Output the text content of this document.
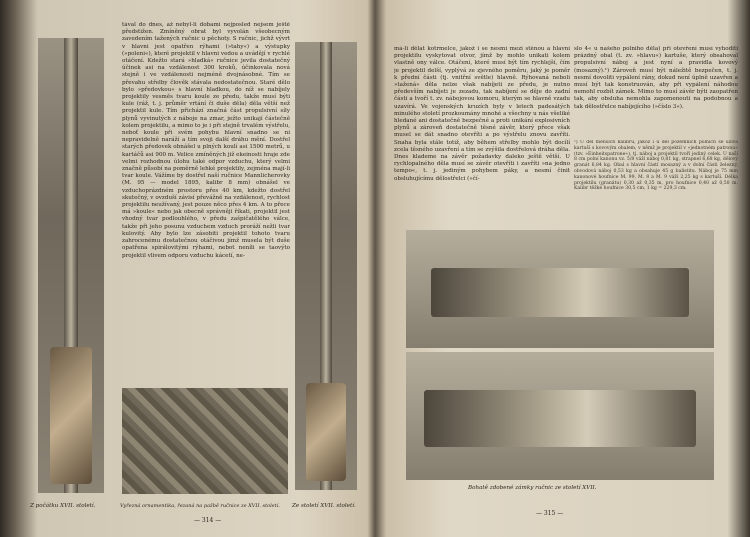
Z počátku XVII. století.

tával do dnes, až nebyl-li dobami nejposled nejsem ještě předstižen. Zmíněný obrat byl vyvolán všeobecným zavedením tažených ručnic u pěchoty. S ručnic, jichž vývrt v hlavni jest opatřen rýhami (»tahy«) a výstupky (»poleni«), které projektil v hlavni vedou a uvádějí v rychlé otáčení. Kdežto stará »hladká« ručnice jevila dostatečný účinek asi na vzdálenost 300 kroků, účinkovala nová stejně i ve vzdálenosti nejméně dvojnásobné. Tím se převahu střelby člověk stávala nedostatečnou. Staré dělo bylo »předovkou« s hlavní hladkou, do níž se nabíjely projektily vesměs tvaru koule ze předu, takže musí býti kule (ráž, t. j. průměr vrtání či duše děla) děla větší než projektil kule. Tím přichází značná část propulsivní síly plynů vyvinutých z náboje na zmar, ježto unikají částečně kolem projektilu, a mimo to je i při stejně trvalém výstřelu, neboť koule při svém pohybu hlavní snadno se ni nepravidelně naráží a tím svoji další dráhu mění. Dostřel starých předovek obnášel u plných koulí asi 1500 metrů, u kartáčů asi 900 m. Velice zmíněných již ekeinosti hraje zde velmi rozhodnou úlohu také odpor vzduchu, který velmi značně působí na poměrně lehké projektily, zejména mají-li tvar koule. Vážíme by dostřel naší ručnice Mannlicherovky (M. 95 — model 1895, kalibr 8 mm) obnášel ve vzduchoprázdném prostoru přes 40 km, kdežto dostřel skutečný, v ovzduší závisí převážně na vzdálenost, rychlost projektilu neužívaný, jest pouze něco přes 4 km. A to přece má »koule« nebo jak obecně správněji říkati, projektil jest vhodný tvar podlouhlého, v předu zašpičatělého válce, takže při jeho posunu vzduchem vzduch proráží nežli tvar kulovitý. Aby bylo lze zásobiti projektil tohoto tvaru zahrocenému dostatečnou otáčivou jímž musela být duše opatřena spirálovitými rýhami, nebot neníli se taovýto projektil vlivem odporu vzduchu kácetí, ne-

Vyřezná ornamentika, řezaná na pažbě ručnice ze XVII. století. Ze století XVII. století.
— 314 —

má-li dělat kotrmelce, jakož i se nesmí mezi stěnou a hlavní projektilu vyskytovat otvor, jímž by mohlo unikati kolem vlastně ony válce. Otáčení, které musí být tím rychlejší, čím je projektil delší, vyplývá ze zjevného poměru, jaký je poměr k přední části (tj. vnitřní světle) hlavně. Rýhovaná neboli »tažená« děla nelze však nabíjeti ze předu, je nutno především nabíjeti je zezadu, tak nabíjení se děje do zadní části a tvoří t. zv. nábojovou komoru, kterým se hlavně vzadu uzavírá. Ve vojenských kruzích byly v letech padesátých minulého století prozkoumány mnohé a všechny u nás všeliké hledané ani dostatečně bezpečné a proti unikání explosivních plynů a zároveň dostatečně těsné závěr, který přece však musel se dát snadno otevříti a po výstřelu znovu zavříti. Snaha byla stále totiž, aby během střelby mohlo být docílí zcela těsného uzavření a tím se zvýšila dostřelová dráha děla. Dnes klademe na závěr požadavky daleko ještě větší. U rychlopalného děla musí se závěr otevříti i zavříti »na jedno tempo«, t. j. jediným pohybem páky, a nesmí činit obsluhujícímu dělostřelci (»čí-

slo 4« u našeho polního děla) při otevření musí vyhoditi prázdný obal (t. zv. »hlavu«) kartuše, který obsahoval propulsivní náboj a jest nyní a pravidla kovový (mosazný).¹) Zároveň musí být náležitě bezpečen, t. j. nesmí dovoliti vypálení rány, dokud není úplně uzavřen a musí být tak konstruován, aby při vypálení náhodou nemohl rozbít zámek. Mimo to musí závěr býti zaopatřen tak, aby obsluha nemohla zapomenouti na podobnou a tak dělostřelce nabíjejícího (»číslo 3«).

¹) U děl menších kalibrů, jakož i u děl pozemních polních se užívá kartuší s kovovým obalem, v němž je projektil v »jednotném patronu« (tzv. »Einheitspatrone«), tj. náboj a projektil tvoří jediný celek. U naší 8 cm polní kanonu vz. 5/8 váží náboj 0,81 kg, strapnel 6,68 kg, dělový granát 6,84 kg. Obal s hlavní částí mosazný a v dolní části železný, obvodová náboj 0,53 kg a obsahuje 45 g balistitu. Náboj je 75 mm kanonové houfnice M. 99, M. 8 a M. 9 váží 2,25 kg s kartuší. Délka projektilu (granátu) 0,30 až 0,35 m, pro houfnice 0,40 až 0,50 m. Kalibr těžké houfnice 30,5 cm, 1 kg = 229,3 cm.
Bohatě zdobené zámky ručnic ze století XVII.
— 315 —
